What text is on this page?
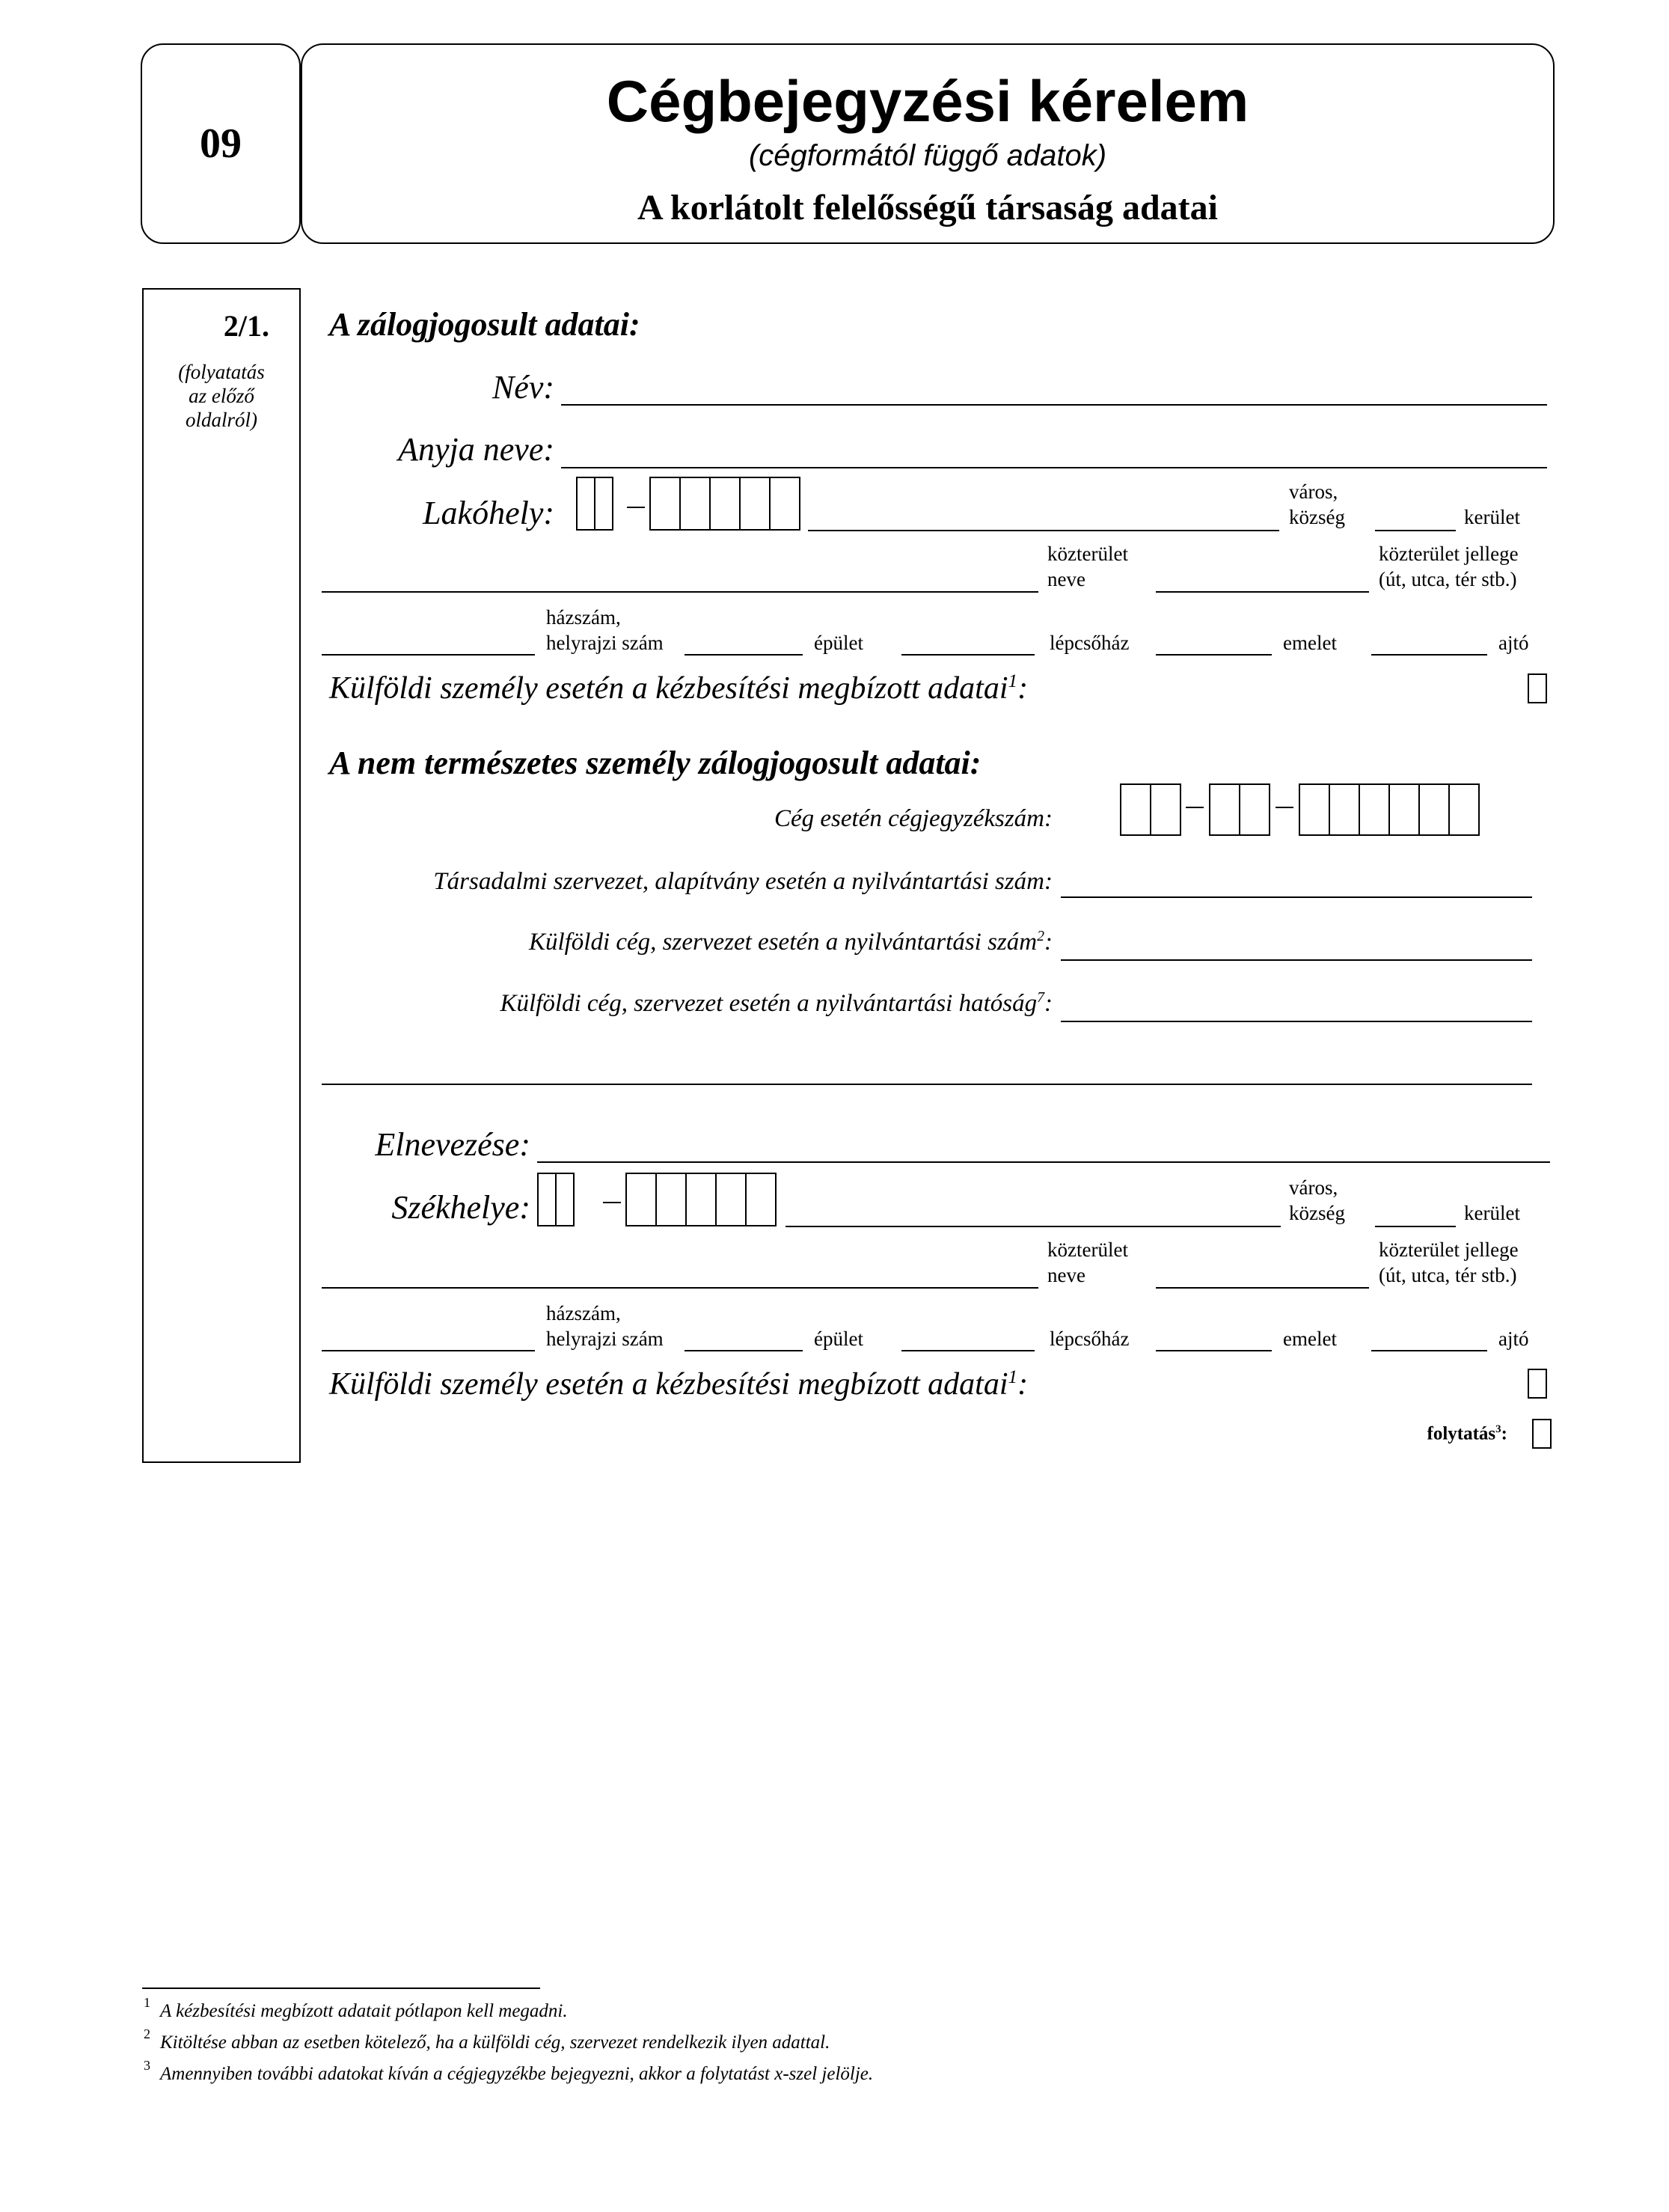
09
Cégbejegyzési kérelem
(cégformától függő adatok)
A korlátolt felelősségű társaság adatai
2/1.
(folyatatás
az előző
oldalról)
A zálogjogosult adatai:
Név:
Anyja neve:
Lakóhely:
város,
község	kerület
közterület
neve
közterület jellege
(út, utca, tér stb.)
házszám,
helyrajzi szám	épület	lépcsőház	emelet	ajtó
Külföldi személy esetén a kézbesítési megbízott adatai$^1$:
A nem természetes személy zálogjogosult adatai:
Cég esetén cégjegyzékszám:
Társadalmi szervezet, alapítvány esetén a nyilvántartási szám:
Külföldi cég, szervezet esetén a nyilvántartási szám$^2$:
Külföldi cég, szervezet esetén a nyilvántartási hatóság$^7$:
Elnevezése:
Székhelye:
város,
község	kerület
közterület
neve
közterület jellege
(út, utca, tér stb.)
házszám,
helyrajzi szám	épület	lépcsőház	emelet	ajtó
Külföldi személy esetén a kézbesítési megbízott adatai$^1$:
folytatás$^3$:
1 A kézbesítési megbízott adatait pótlapon kell megadni.
2 Kitöltése abban az esetben kötelező, ha a külföldi cég, szervezet rendelkezik ilyen adattal.
3 Amennyiben további adatokat kíván a cégjegyzékbe bejegyezni, akkor a folytatást x-szel jelölje.
